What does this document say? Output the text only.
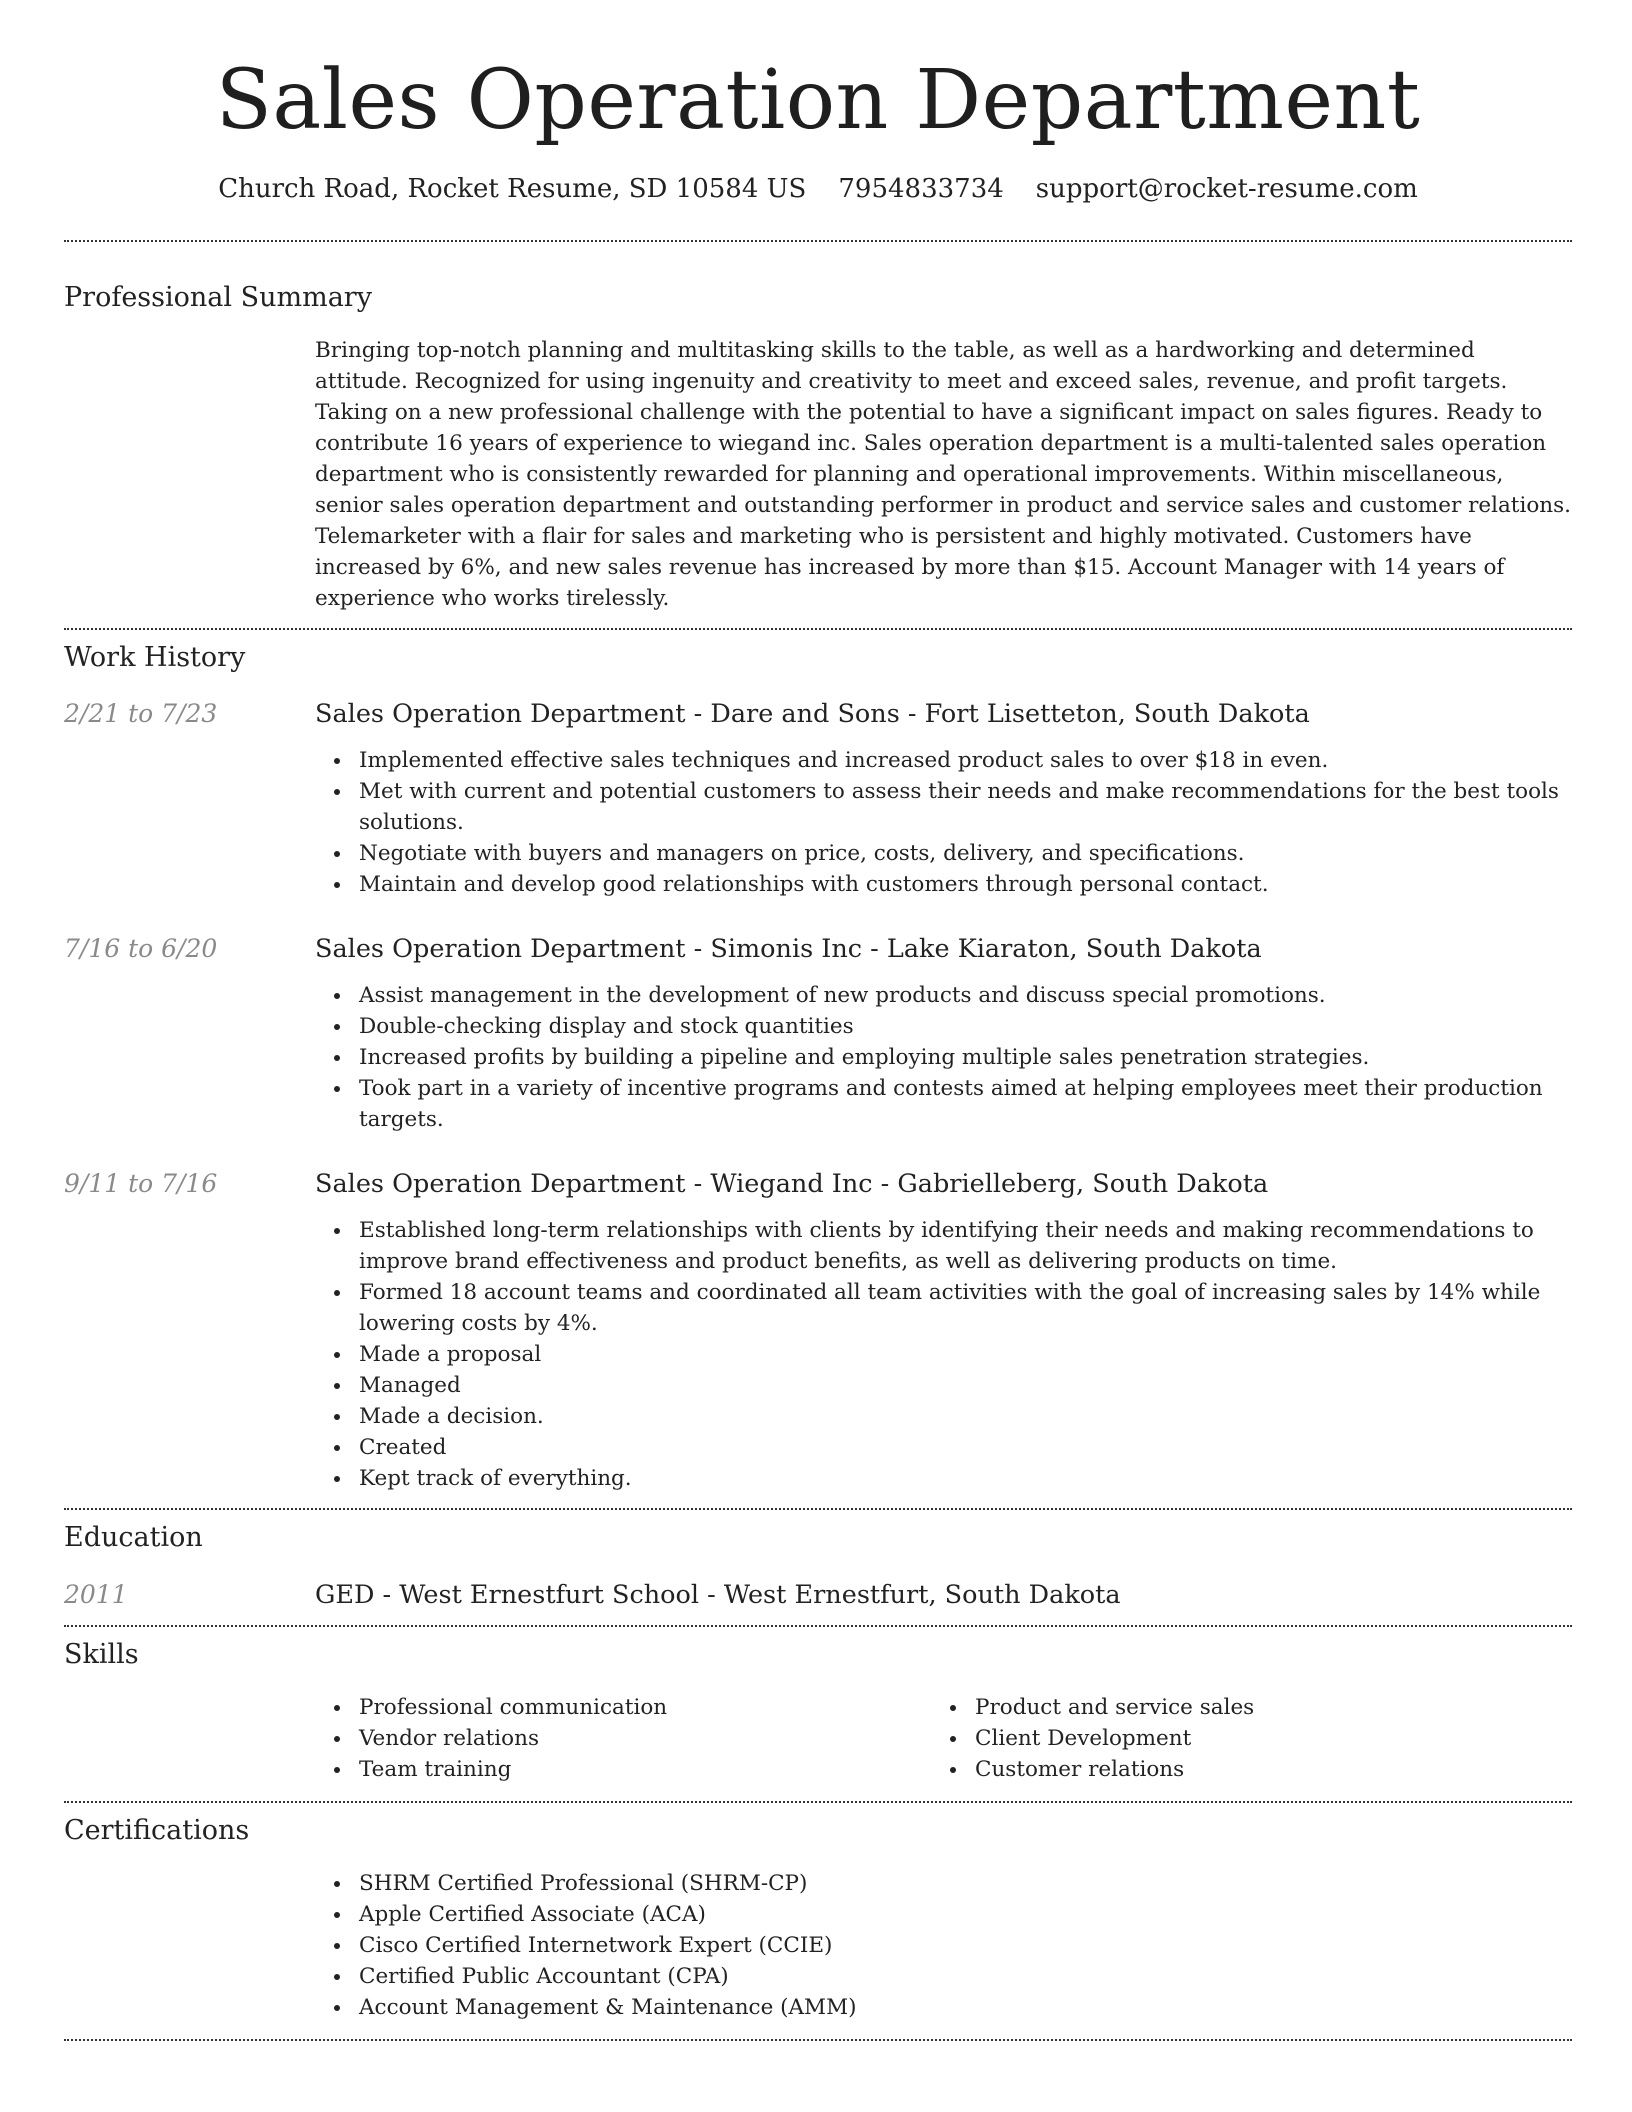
Sales Operation Department
Church Road, Rocket Resume, SD 10584 US 7954833734 support@rocket-resume.com
Professional Summary

Bringing top-notch planning and multitasking skills to the table, as well as a hardworking and determined attitude. Recognized for using ingenuity and creativity to meet and exceed sales, revenue, and profit targets. Taking on a new professional challenge with the potential to have a significant impact on sales figures. Ready to contribute 16 years of experience to wiegand inc. Sales operation department is a multi-talented sales operation department who is consistently rewarded for planning and operational improvements. Within miscellaneous, senior sales operation department and outstanding performer in product and service sales and customer relations. Telemarketer with a flair for sales and marketing who is persistent and highly motivated. Customers have increased by 6%, and new sales revenue has increased by more than $15. Account Manager with 14 years of experience who works tirelessly.

Work History
2/21 to 7/23	Sales Operation Department - Dare and Sons - Fort Lisetteton, South Dakota
Implemented effective sales techniques and increased product sales to over $18 in even.
Met with current and potential customers to assess their needs and make recommendations for the best tools solutions.
Negotiate with buyers and managers on price, costs, delivery, and specifications.
Maintain and develop good relationships with customers through personal contact.
7/16 to 6/20	Sales Operation Department - Simonis Inc - Lake Kiaraton, South Dakota
Assist management in the development of new products and discuss special promotions.
Double-checking display and stock quantities
Increased profits by building a pipeline and employing multiple sales penetration strategies.
Took part in a variety of incentive programs and contests aimed at helping employees meet their production targets.
9/11 to 7/16	Sales Operation Department - Wiegand Inc - Gabrielleberg, South Dakota
Established long-term relationships with clients by identifying their needs and making recommendations to improve brand effectiveness and product benefits, as well as delivering products on time.
Formed 18 account teams and coordinated all team activities with the goal of increasing sales by 14% while lowering costs by 4%.
Made a proposal
Managed
Made a decision.
Created
Kept track of everything.
Education
2011	GED - West Ernestfurt School - West Ernestfurt, South Dakota
Skills
Professional communication
Vendor relations
Team training
Product and service sales
Client Development
Customer relations
Certifications
SHRM Certified Professional (SHRM-CP)
Apple Certified Associate (ACA)
Cisco Certified Internetwork Expert (CCIE)
Certified Public Accountant (CPA)
Account Management & Maintenance (AMM)
